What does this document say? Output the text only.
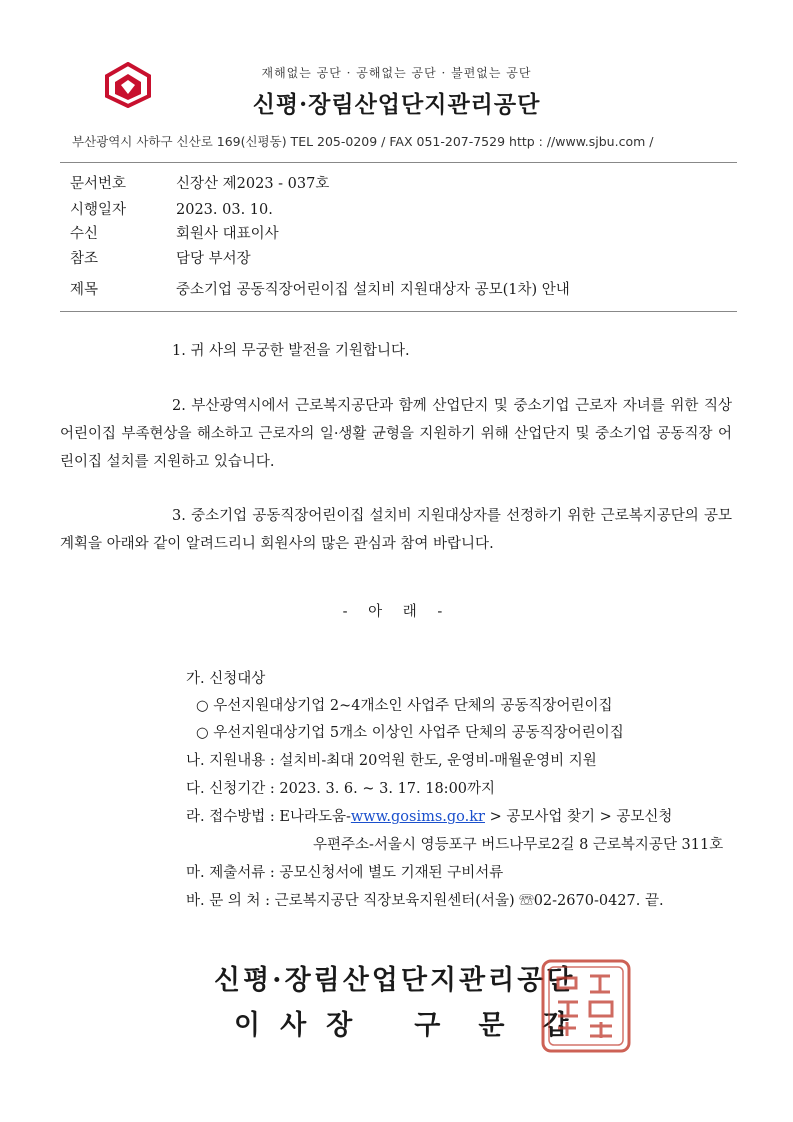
재해없는 공단 · 공해없는 공단 · 불편없는 공단
신평·장림산업단지관리공단
부산광역시 사하구 신산로 169(신평동) TEL 205-0209 / FAX 051-207-7529 http : //www.sjbu.com /
문서번호	신장산 제2023 - 037호
시행일자	2023. 03. 10.
수신	회원사 대표이사
참조	담당 부서장
제목	중소기업 공동직장어린이집 설치비 지원대상자 공모(1차) 안내
1. 귀 사의 무궁한 발전을 기원합니다.
2. 부산광역시에서 근로복지공단과 함께 산업단지 및 중소기업 근로자 자녀를 위한 직상 어린이집 부족현상을 해소하고 근로자의 일·생활 균형을 지원하기 위해 산업단지 및 중소기업 공동직장 어린이집 설치를 지원하고 있습니다.
3. 중소기업 공동직장어린이집 설치비 지원대상자를 선정하기 위한 근로복지공단의 공모계획을 아래와 같이 알려드리니 회원사의 많은 관심과 참여 바랍니다.
- 아 래 -
가. 신청대상
○ 우선지원대상기업 2~4개소인 사업주 단체의 공동직장어린이집
○ 우선지원대상기업 5개소 이상인 사업주 단체의 공동직장어린이집
나. 지원내용 : 설치비-최대 20억원 한도, 운영비-매월운영비 지원
다. 신청기간 : 2023. 3. 6. ~ 3. 17. 18:00까지
라. 접수방법 : E나라도움-www.gosims.go.kr > 공모사업 찾기 > 공모신청
우편주소-서울시 영등포구 버드나무로2길 8 근로복지공단 311호
마. 제출서류 : 공모신청서에 별도 기재된 구비서류
바. 문 의 처 : 근로복지공단 직장보육지원센터(서울) ☏02-2670-0427. 끝.
신평·장림산업단지관리공단
이사장 구문갑
